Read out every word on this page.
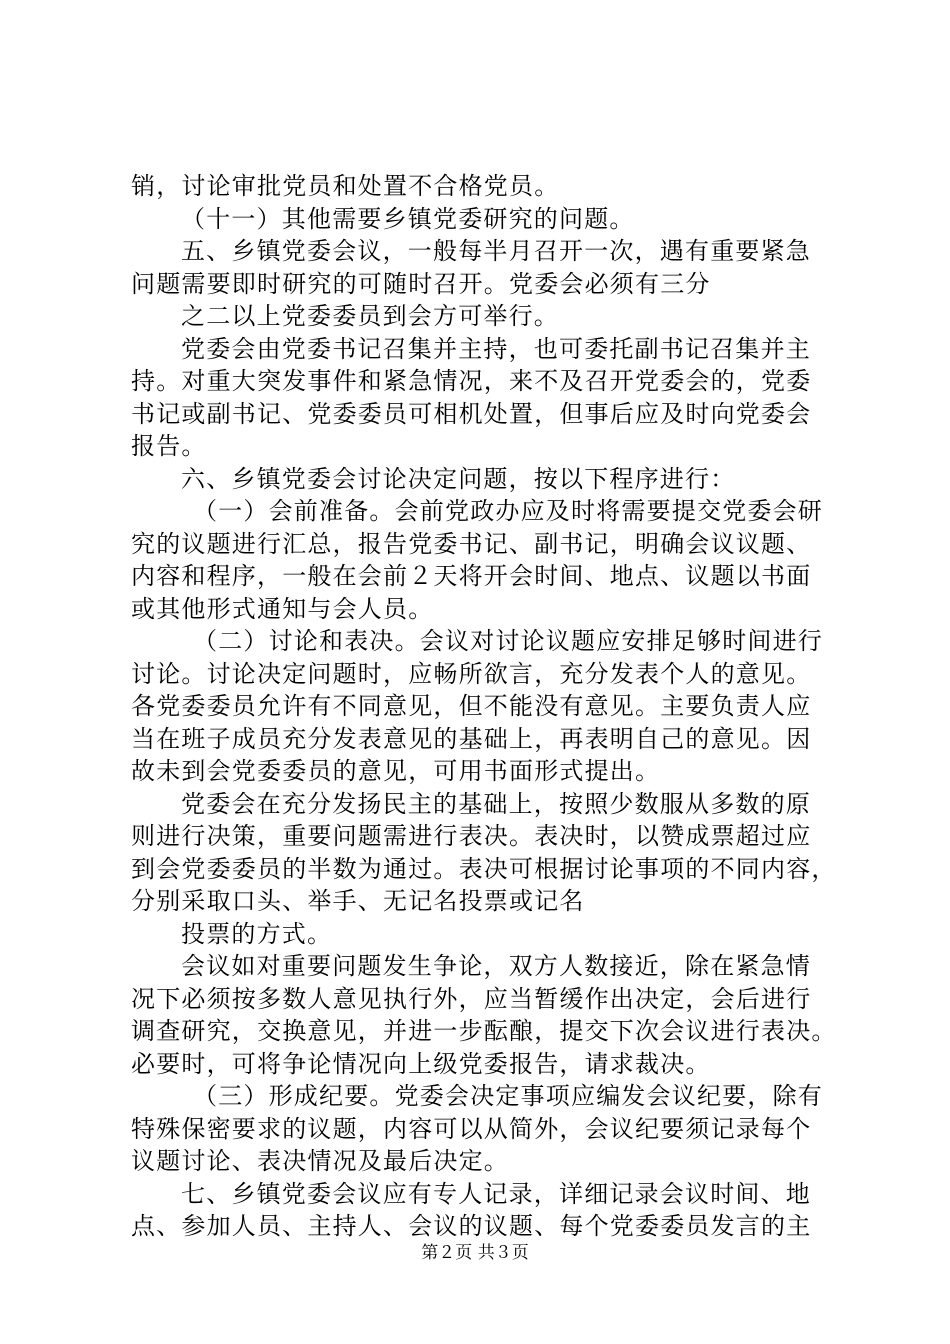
销，讨论审批党员和处置不合格党员。
（十一）其他需要乡镇党委研究的问题。
五、乡镇党委会议，一般每半月召开一次，遇有重要紧急
问题需要即时研究的可随时召开。党委会必须有三分
之二以上党委委员到会方可举行。
党委会由党委书记召集并主持，也可委托副书记召集并主
持。对重大突发事件和紧急情况，来不及召开党委会的，党委
书记或副书记、党委委员可相机处置，但事后应及时向党委会
报告。
六、乡镇党委会讨论决定问题，按以下程序进行：
（一）会前准备。会前党政办应及时将需要提交党委会研
究的议题进行汇总，报告党委书记、副书记，明确会议议题、
内容和程序，一般在会前２天将开会时间、地点、议题以书面
或其他形式通知与会人员。
（二）讨论和表决。会议对讨论议题应安排足够时间进行
讨论。讨论决定问题时，应畅所欲言，充分发表个人的意见。
各党委委员允许有不同意见，但不能没有意见。主要负责人应
当在班子成员充分发表意见的基础上，再表明自己的意见。因
故未到会党委委员的意见，可用书面形式提出。
党委会在充分发扬民主的基础上，按照少数服从多数的原
则进行决策，重要问题需进行表决。表决时，以赞成票超过应
到会党委委员的半数为通过。表决可根据讨论事项的不同内容，
分别采取口头、举手、无记名投票或记名
投票的方式。
会议如对重要问题发生争论，双方人数接近，除在紧急情
况下必须按多数人意见执行外，应当暂缓作出决定，会后进行
调查研究，交换意见，并进一步酝酿，提交下次会议进行表决。
必要时，可将争论情况向上级党委报告，请求裁决。
（三）形成纪要。党委会决定事项应编发会议纪要，除有
特殊保密要求的议题，内容可以从简外，会议纪要须记录每个
议题讨论、表决情况及最后决定。
七、乡镇党委会议应有专人记录，详细记录会议时间、地
点、参加人员、主持人、会议的议题、每个党委委员发言的主
第２页 共３页
